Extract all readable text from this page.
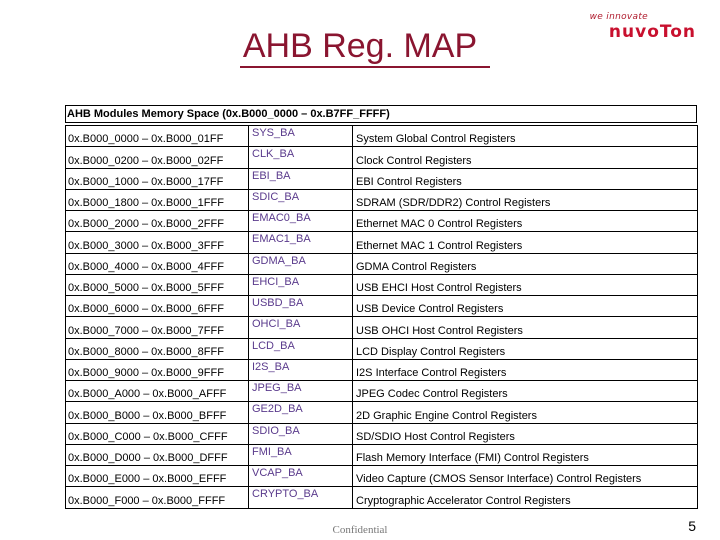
AHB Reg. MAP
we innovate
nuvoTon
AHB Modules Memory Space (0x.B000_0000 – 0x.B7FF_FFFF)
0x.B000_0000 – 0x.B000_01FF	SYS_BA	System Global Control Registers
0x.B000_0200 – 0x.B000_02FF	CLK_BA	Clock Control Registers
0x.B000_1000 – 0x.B000_17FF	EBI_BA	EBI Control Registers
0x.B000_1800 – 0x.B000_1FFF	SDIC_BA	SDRAM (SDR/DDR2) Control Registers
0x.B000_2000 – 0x.B000_2FFF	EMAC0_BA	Ethernet MAC 0 Control Registers
0x.B000_3000 – 0x.B000_3FFF	EMAC1_BA	Ethernet MAC 1 Control Registers
0x.B000_4000 – 0x.B000_4FFF	GDMA_BA	GDMA Control Registers
0x.B000_5000 – 0x.B000_5FFF	EHCI_BA	USB EHCI Host Control Registers
0x.B000_6000 – 0x.B000_6FFF	USBD_BA	USB Device Control Registers
0x.B000_7000 – 0x.B000_7FFF	OHCI_BA	USB OHCI Host Control Registers
0x.B000_8000 – 0x.B000_8FFF	LCD_BA	LCD Display Control Registers
0x.B000_9000 – 0x.B000_9FFF	I2S_BA	I2S Interface Control Registers
0x.B000_A000 – 0x.B000_AFFF	JPEG_BA	JPEG Codec Control Registers
0x.B000_B000 – 0x.B000_BFFF	GE2D_BA	2D Graphic Engine Control Registers
0x.B000_C000 – 0x.B000_CFFF	SDIO_BA	SD/SDIO Host Control Registers
0x.B000_D000 – 0x.B000_DFFF	FMI_BA	Flash Memory Interface (FMI) Control Registers
0x.B000_E000 – 0x.B000_EFFF	VCAP_BA	Video Capture (CMOS Sensor Interface) Control Registers
0x.B000_F000 – 0x.B000_FFFF	CRYPTO_BA	Cryptographic Accelerator Control Registers
Confidential	5
